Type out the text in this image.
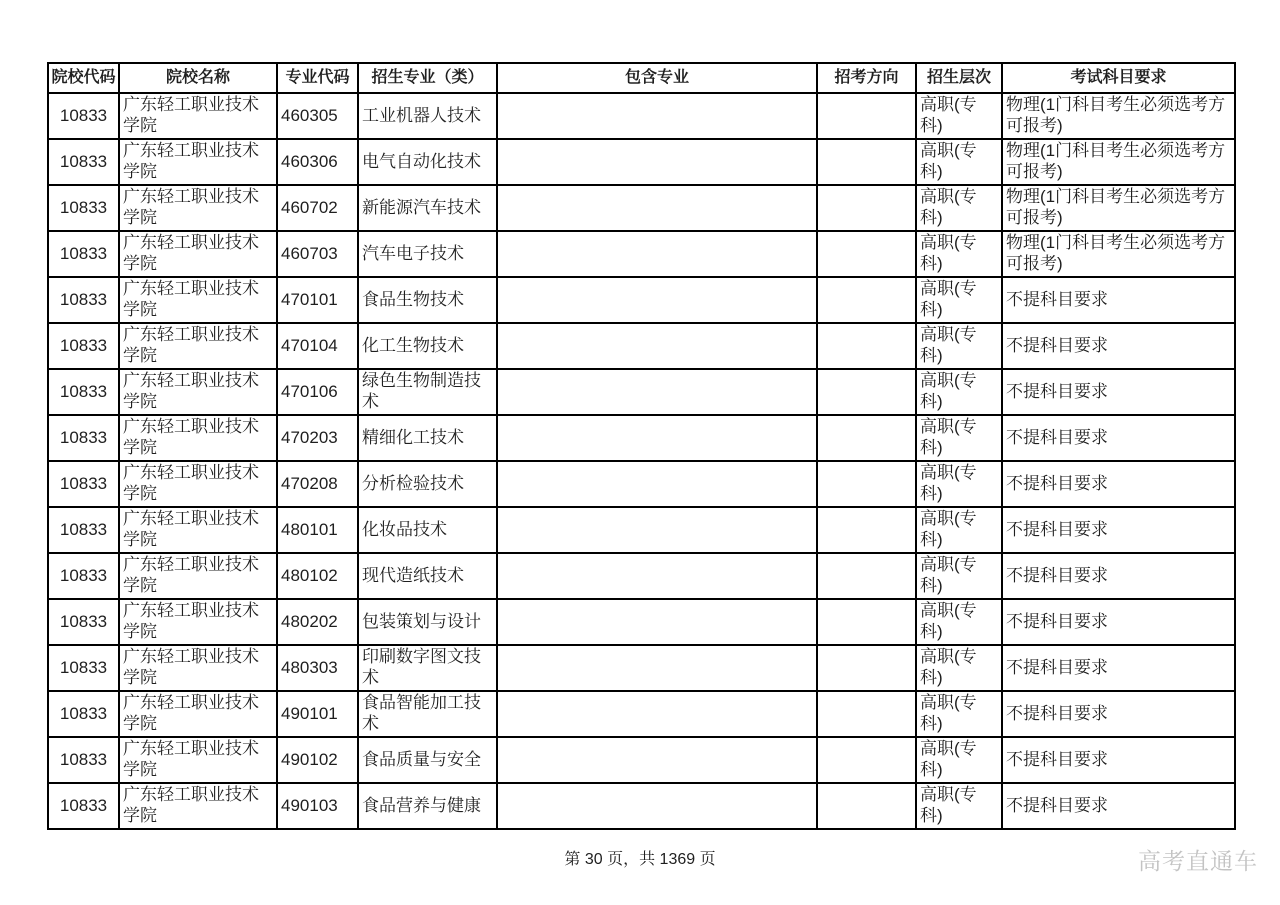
院校代码	院校名称	专业代码	招生专业（类）	包含专业	招考方向	招生层次	考试科目要求
10833	广东轻工职业技术学院	460305	工业机器人技术			高职(专科)	物理(1门科目考生必须选考方可报考)
10833	广东轻工职业技术学院	460306	电气自动化技术			高职(专科)	物理(1门科目考生必须选考方可报考)
10833	广东轻工职业技术学院	460702	新能源汽车技术			高职(专科)	物理(1门科目考生必须选考方可报考)
10833	广东轻工职业技术学院	460703	汽车电子技术			高职(专科)	物理(1门科目考生必须选考方可报考)
10833	广东轻工职业技术学院	470101	食品生物技术			高职(专科)	不提科目要求
10833	广东轻工职业技术学院	470104	化工生物技术			高职(专科)	不提科目要求
10833	广东轻工职业技术学院	470106	绿色生物制造技术			高职(专科)	不提科目要求
10833	广东轻工职业技术学院	470203	精细化工技术			高职(专科)	不提科目要求
10833	广东轻工职业技术学院	470208	分析检验技术			高职(专科)	不提科目要求
10833	广东轻工职业技术学院	480101	化妆品技术			高职(专科)	不提科目要求
10833	广东轻工职业技术学院	480102	现代造纸技术			高职(专科)	不提科目要求
10833	广东轻工职业技术学院	480202	包装策划与设计			高职(专科)	不提科目要求
10833	广东轻工职业技术学院	480303	印刷数字图文技术			高职(专科)	不提科目要求
10833	广东轻工职业技术学院	490101	食品智能加工技术			高职(专科)	不提科目要求
10833	广东轻工职业技术学院	490102	食品质量与安全			高职(专科)	不提科目要求
10833	广东轻工职业技术学院	490103	食品营养与健康			高职(专科)	不提科目要求
第 30 页，共 1369 页	高考直通车
